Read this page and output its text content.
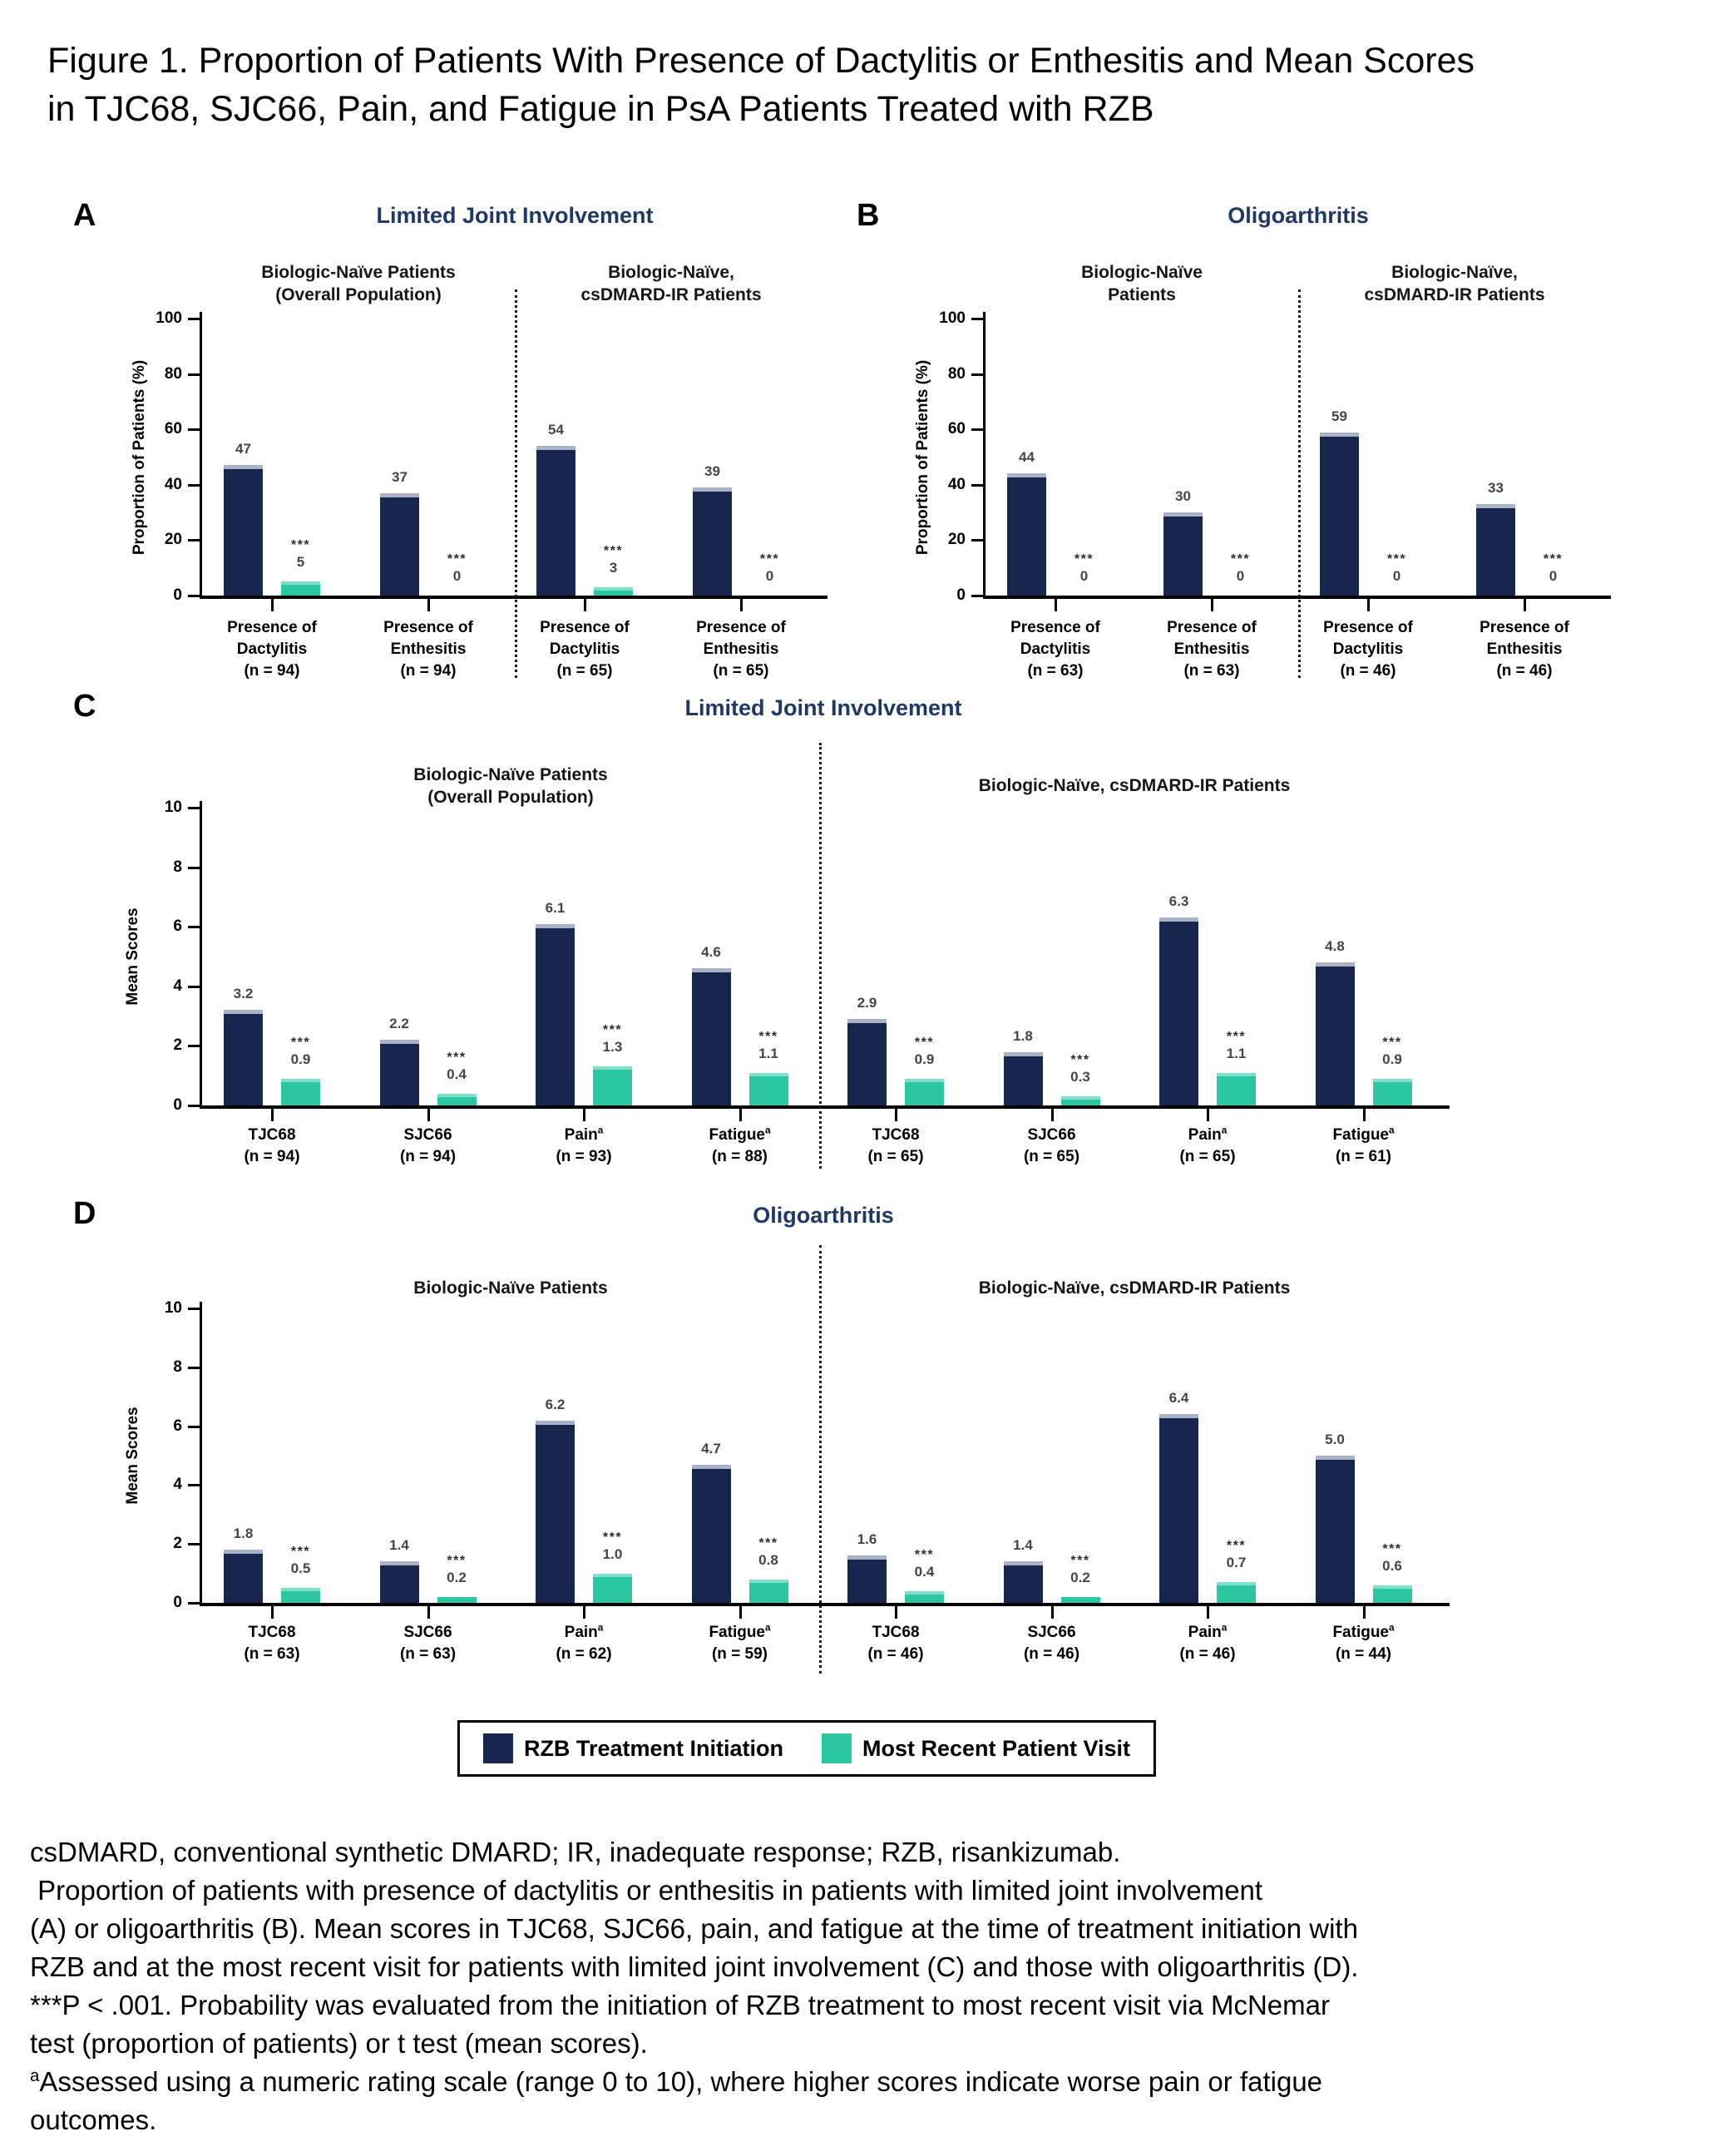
Figure 1. Proportion of Patients With Presence of Dactylitis or Enthesitis and Mean Scores
in TJC68, SJC66, Pain, and Fatigue in PsA Patients Treated with RZB
A	Limited Joint Involvement
Proportion of Patients (%)
0
20
40
60
80
100
Biologic-Naïve Patients
(Overall Population)
Biologic-Naïve,
csDMARD-IR Patients
47
***
5
Presence of
Dactylitis
(n = 94)
37
***
0
Presence of
Enthesitis
(n = 94)
54
***
3
Presence of
Dactylitis
(n = 65)
39
***
0
Presence of
Enthesitis
(n = 65)
B	Oligoarthritis
Proportion of Patients (%)
0
20
40
60
80
100
Biologic-Naïve
Patients
Biologic-Naïve,
csDMARD-IR Patients
44
***
0
Presence of
Dactylitis
(n = 63)
30
***
0
Presence of
Enthesitis
(n = 63)
59
***
0
Presence of
Dactylitis
(n = 46)
33
***
0
Presence of
Enthesitis
(n = 46)
C	Limited Joint Involvement
Mean Scores
0
2
4
6
8
10
Biologic-Naïve Patients
(Overall Population)
Biologic-Naïve, csDMARD-IR Patients
3.2
***
0.9
TJC68
(n = 94)
2.2
***
0.4
SJC66
(n = 94)
6.1
***
1.3
Pain$^a$
(n = 93)
4.6
***
1.1
Fatigue$^a$
(n = 88)
2.9
***
0.9
TJC68
(n = 65)
1.8
***
0.3
SJC66
(n = 65)
6.3
***
1.1
Pain$^a$
(n = 65)
4.8
***
0.9
Fatigue$^a$
(n = 61)
D	Oligoarthritis
Mean Scores
0
2
4
6
8
10
Biologic-Naïve Patients	Biologic-Naïve, csDMARD-IR Patients
1.8
***
0.5
TJC68
(n = 63)
1.4
***
0.2
SJC66
(n = 63)
6.2
***
1.0
Pain$^a$
(n = 62)
4.7
***
0.8
Fatigue$^a$
(n = 59)
1.6
***
0.4
TJC68
(n = 46)
1.4
***
0.2
SJC66
(n = 46)
6.4
***
0.7
Pain$^a$
(n = 46)
5.0
***
0.6
Fatigue$^a$
(n = 44)
RZB Treatment Initiation	Most Recent Patient Visit
csDMARD, conventional synthetic DMARD; IR, inadequate response; RZB, risankizumab.
Proportion of patients with presence of dactylitis or enthesitis in patients with limited joint involvement
(A) or oligoarthritis (B). Mean scores in TJC68, SJC66, pain, and fatigue at the time of treatment initiation with
RZB and at the most recent visit for patients with limited joint involvement (C) and those with oligoarthritis (D).
***P < .001. Probability was evaluated from the initiation of RZB treatment to most recent visit via McNemar
test (proportion of patients) or t test (mean scores).
$^a$Assessed using a numeric rating scale (range 0 to 10), where higher scores indicate worse pain or fatigue
outcomes.
